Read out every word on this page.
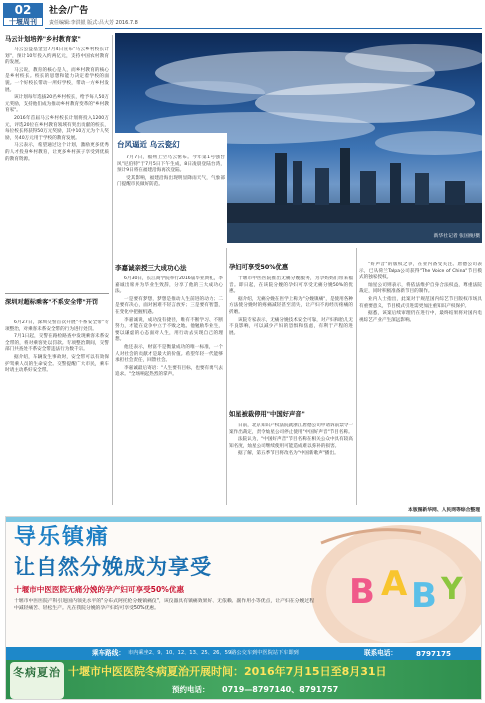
02
十堰周刊
社会/广告
责任编辑:李洪银 版式:吕大芳 2016.7.8
马云计划培养"乡村教育家"

马云公益基金会7月4日宣布"马云乡村校长计划"，预计10年投入约两亿元，支持中国农村教育的发展。

马云说，教育的核心是人，而乡村教育的核心是乡村校长。校长的思想和能力决定着学校的面貌。一个好校长带动一所好学校，带动一方乡村发展。

该计划每年选拔20名乡村校长，给予每人50万元奖励，支持他们成为推动乡村教育变革的"乡村教育家"。

2016年首届马云乡村校长计划将投入1200万元，评选20位在乡村教育领域有突出贡献的校长，每位校长将获得50万元奖励，其中10万元为个人奖励，另40万元用于学校的教育发展。

马云表示，希望通过这个计划，激励更多优秀的人才投身乡村教育，让更多乡村孩子享受到优质的教育资源。

深圳对超标乘客"不系安全带"开罚

6月27日，深圳交警首次开展"不系安全带"专项整治，对乘客未系安全带的行为进行处罚。

7月1日起，交警在路检路查中发现乘客未系安全带的，将对乘客处以罚款。专项整治期间，交警部门共查处不系安全带违法行为数千宗。

据介绍，车辆发生事故时，安全带可以有效保护驾乘人员的生命安全。交警提醒广大市民，乘车时请主动系好安全带。

台风逼近 乌云瓷幻

7月7日，福州上空乌云密布。今年第1号强台风"尼伯特"于7月5日下午生成，8日凌晨登陆台湾，预计9日将在福建沿海再次登陆。

受其影响，福建沿海出现明显降雨天气，气象部门提醒市民做好防范。

新华社记者 张国俊/摄
李嘉诚亲授三大成功心法

6月30日，长江商学院举行2016届毕业典礼，李嘉诚出席并为毕业生致辞，分享了他的三大成功心法。

一是要有梦想，梦想是推动人生前进的动力；二是要有决心，面对困难不轻言放弃；三是要有智慧，在变化中把握机遇。

李嘉诚说，成功没有捷径，唯有不断学习、不断努力，才能在竞争中立于不败之地。他勉励毕业生，要以谦虚的心态面对人生，用行动去实现自己的理想。

他还表示，财富不是衡量成功的唯一标准，一个人对社会的贡献才是最大的价值。希望年轻一代能够承担社会责任，回馈社会。

李嘉诚最后寄语："人生要有目标，也要有勇气去追求。"全场响起热烈的掌声。

孕妇可享受50%优惠

十堰市中医医院推出无痛分娩服务，为孕妈妈们带来福音。即日起，在该院分娩的孕妇可享受无痛分娩50%的优惠。

据介绍，无痛分娩在医学上称为"分娩镇痛"，是使用各种方法使分娩时的疼痛减轻甚至消失，让产妇不再经历疼痛的折磨。

该院专家表示，无痛分娩技术安全可靠，对产妇和胎儿无不良影响，可以减少产妇的恐惧和焦虑，有利于产程的进展。

如星被裁停用"中国好声音"

日前，北京知识产权法院就浙江唐德公司申请诉前禁令一案作出裁定，责令灿星公司停止使用"中国好声音"节目名称。

法院认为，"中国好声音"节目名称在相关公众中具有较高知名度，灿星公司继续使用可能造成难以弥补的损害。

据了解，第五季节目将改名为"中国新歌声"播出。

"好声音"的版权之争，在业内备受关注。唐德公司表示，已从荷兰Talpa公司获得"The Voice of China"节目模式的独家授权。

灿星公司则表示，将依法维护自身合法权益，尊重法院裁定，同时积极准备新节目的制作。

业内人士指出，此案对于规范国内综艺节目版权市场具有重要意义，节目模式引进需更加注重知识产权保护。

据悉，该案后续审理仍在进行中，最终结果将对国内电视综艺产业产生深远影响。

本版图新华网、人民网等综合整理
导乐镇痛
让自然分娩成为享受
B A B Y
十堰市中医医院无痛分娩的孕产妇可享受50%优惠
十堰市中医医院产科引进国内领先水平的"分布式阿托伦分娩镇痛仪"，该仪器具有镇痛效果好、无依赖、副作用小等优点，让产妇在分娩过程中减轻痛苦、轻松生产。凡在我院分娩的孕产妇均可享受50%优惠。
乘车路线： 市内乘坐2、9、10、12、13、25、26、59路公交车到中医院站下车即到	联系电话：	8797175
冬病夏治 十堰市中医医院冬病夏治开展时间：2016年7月15日至8月31日
预约电话：	0719—8797140、8791757
